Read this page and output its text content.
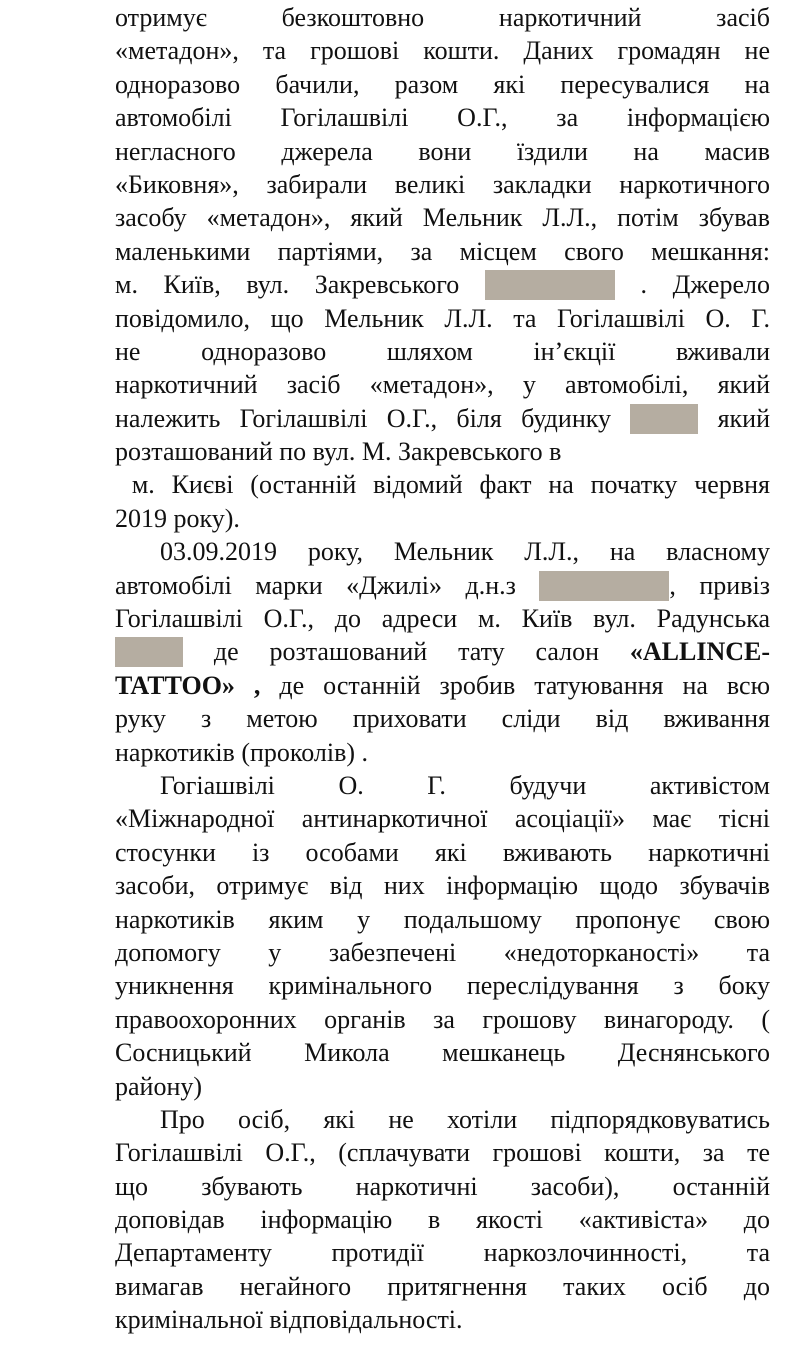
отримує безкоштовно наркотичний засіб
«метадон», та грошові кошти. Даних громадян не
одноразово бачили, разом які пересувалися на
автомобілі Гогілашвілі О.Г., за інформацією
негласного джерела вони їздили на масив
«Биковня», забирали великі закладки наркотичного
засобу «метадон», який Мельник Л.Л., потім збував
маленькими партіями, за місцем свого мешкання:
м. Київ, вул. Закревського	. Джерело
повідомило, що Мельник Л.Л. та Гогілашвілі О. Г.
не одноразово шляхом ін’єкції вживали
наркотичний засіб «метадон», у автомобілі, який
належить Гогілашвілі О.Г., біля будинку	який
розташований по вул. М. Закревського в
м. Києві (останній відомий факт на початку червня
2019 року).
03.09.2019 року, Мельник Л.Л., на власному
автомобілі марки «Джилі» д.н.з	, привіз
Гогілашвілі О.Г., до адреси м. Київ вул. Радунська
де розташований тату салон «ALLINCE-
TATTOO» , де останній зробив татуювання на всю
руку з метою приховати сліди від вживання
наркотиків (проколів) .
Гогіашвілі О. Г. будучи активістом
«Міжнародної антинаркотичної асоціації» має тісні
стосунки із особами які вживають наркотичні
засоби, отримує від них інформацію щодо збувачів
наркотиків яким у подальшому пропонує свою
допомогу у забезпечені «недоторканості» та
уникнення кримінального переслідування з боку
правоохоронних органів за грошову винагороду. (
Сосницький Микола мешканець Деснянського
району)
Про осіб, які не хотіли підпорядковуватись
Гогілашвілі О.Г., (сплачувати грошові кошти, за те
що збувають наркотичні засоби), останній
доповідав інформацію в якості «активіста» до
Департаменту протидії наркозлочинності, та
вимагав негайного притягнення таких осіб до
кримінальної відповідальності.
